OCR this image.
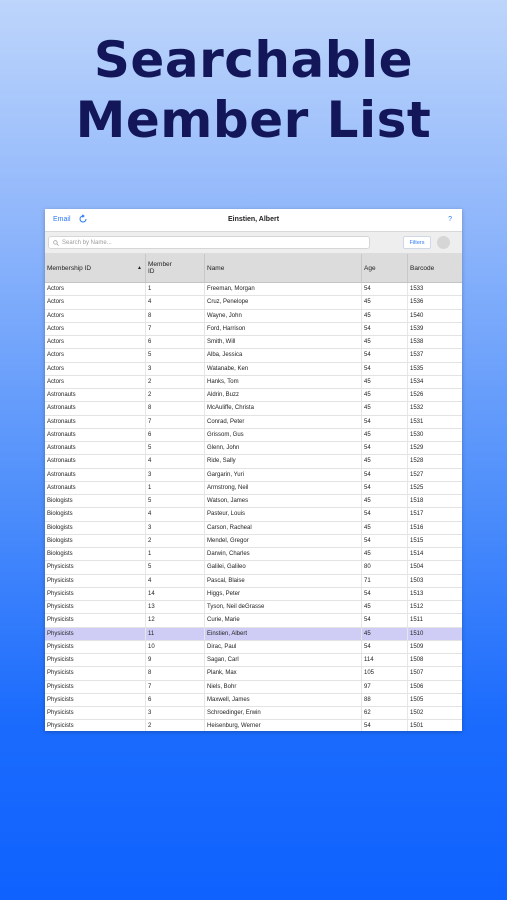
Searchable
Member List
Email	Einstien, Albert	?
Search by Name...	Filters
Membership ID	▲ Member ID	Name	Age	Barcode
Actors	1	Freeman, Morgan	54	1533
Actors	4	Cruz, Penelope	45	1536
Actors	8	Wayne, John	45	1540
Actors	7	Ford, Harrison	54	1539
Actors	6	Smith, Will	45	1538
Actors	5	Alba, Jessica	54	1537
Actors	3	Watanabe, Ken	54	1535
Actors	2	Hanks, Tom	45	1534
Astronauts	2	Aldrin, Buzz	45	1526
Astronauts	8	McAuliffe, Christa	45	1532
Astronauts	7	Conrad, Peter	54	1531
Astronauts	6	Grissom, Gus	45	1530
Astronauts	5	Glenn, John	54	1529
Astronauts	4	Ride, Sally	45	1528
Astronauts	3	Gargarin, Yuri	54	1527
Astronauts	1	Armstrong, Neil	54	1525
Biologists	5	Watson, James	45	1518
Biologists	4	Pasteur, Louis	54	1517
Biologists	3	Carson, Racheal	45	1516
Biologists	2	Mendel, Gregor	54	1515
Biologists	1	Darwin, Charles	45	1514
Physicists	5	Galilei, Galileo	80	1504
Physicists	4	Pascal, Blaise	71	1503
Physicists	14	Higgs, Peter	54	1513
Physicists	13	Tyson, Neil deGrasse	45	1512
Physicists	12	Curie, Marie	54	1511
Physicists	11	Einstien, Albert	45	1510
Physicists	10	Dirac, Paul	54	1509
Physicists	9	Sagan, Carl	114	1508
Physicists	8	Plank, Max	105	1507
Physicists	7	Niels, Bohr	97	1506
Physicists	6	Maxwell, James	88	1505
Physicists	3	Schroedinger, Erwin	62	1502
Physicists	2	Heisenburg, Werner	54	1501
